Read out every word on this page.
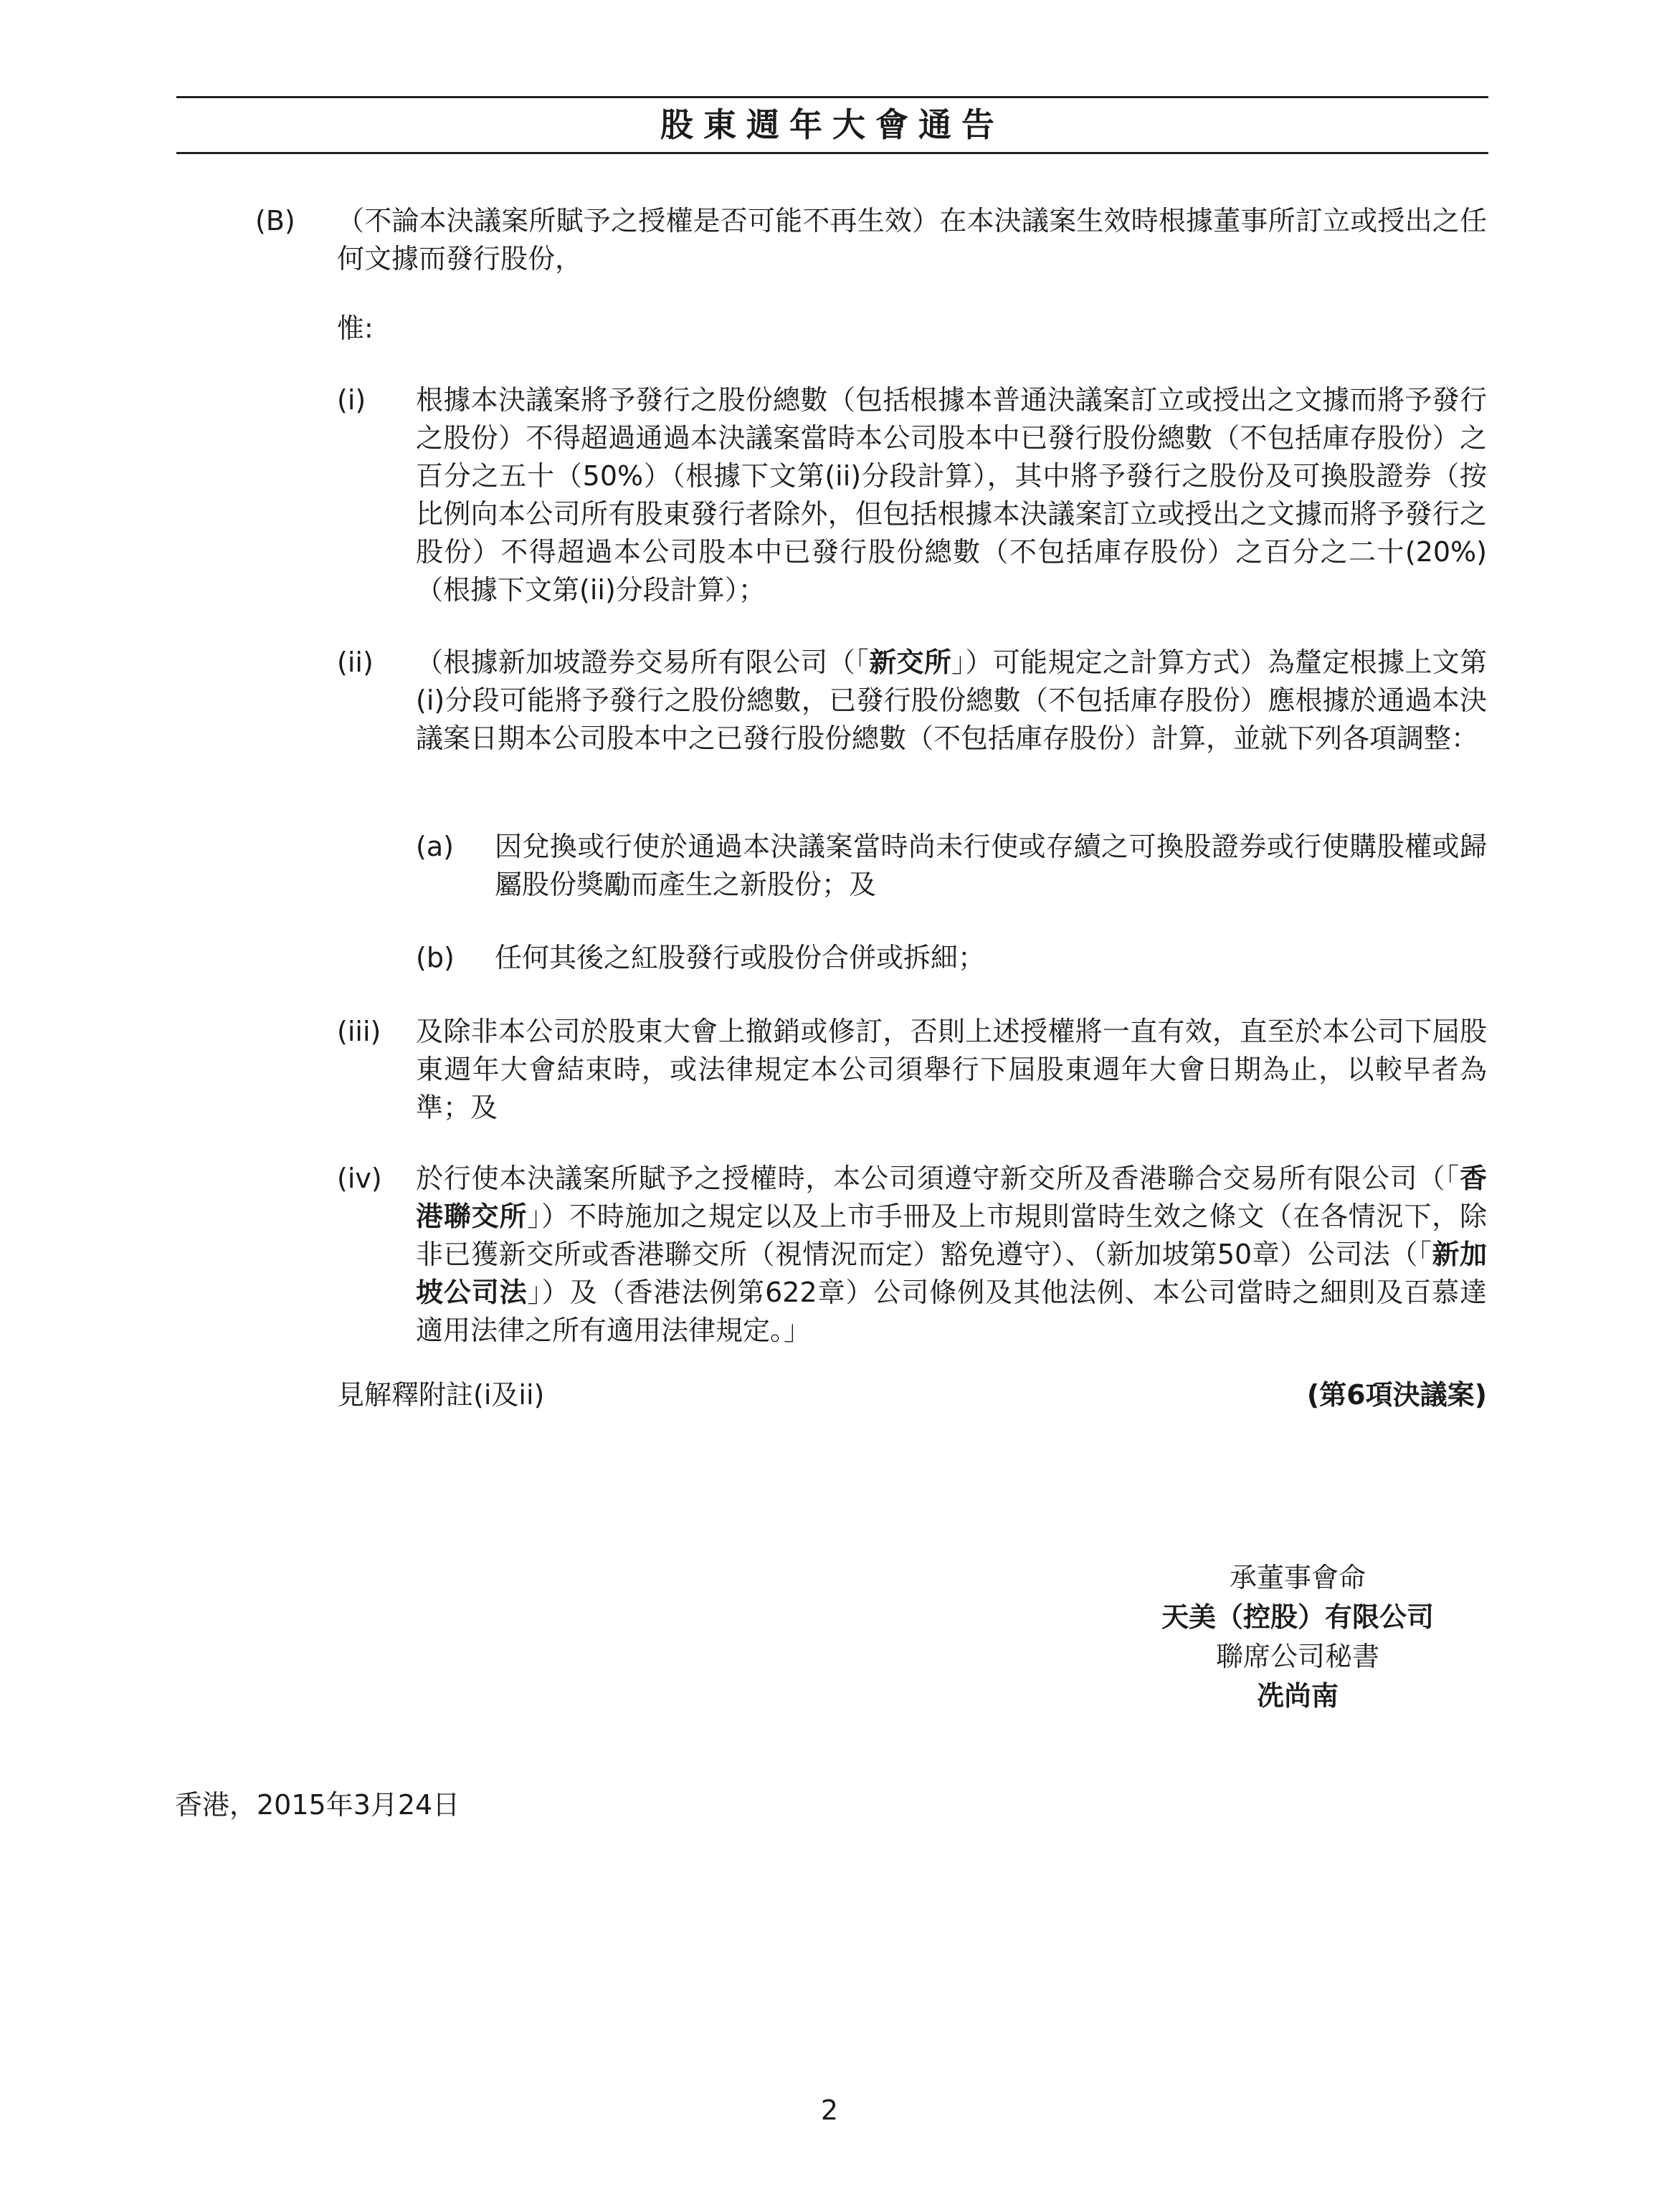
股東週年大會通告
(B) （不論本決議案所賦予之授權是否可能不再生效）在本決議案生效時根據董事所訂立或授出之任何文據而發行股份，
惟:
(i) 根據本決議案將予發行之股份總數（包括根據本普通決議案訂立或授出之文據而將予發行之股份）不得超過通過本決議案當時本公司股本中已發行股份總數（不包括庫存股份）之百分之五十（50%）（根據下文第(ii)分段計算），其中將予發行之股份及可換股證券（按比例向本公司所有股東發行者除外，但包括根據本決議案訂立或授出之文據而將予發行之股份）不得超過本公司股本中已發行股份總數（不包括庫存股份）之百分之二十(20%)（根據下文第(ii)分段計算）；
(ii) （根據新加坡證券交易所有限公司（「新交所」）可能規定之計算方式）為釐定根據上文第(i)分段可能將予發行之股份總數，已發行股份總數（不包括庫存股份）應根據於通過本決議案日期本公司股本中之已發行股份總數（不包括庫存股份）計算，並就下列各項調整：
(a) 因兌換或行使於通過本決議案當時尚未行使或存續之可換股證券或行使購股權或歸屬股份獎勵而產生之新股份；及
(b) 任何其後之紅股發行或股份合併或拆細；
(iii) 及除非本公司於股東大會上撤銷或修訂，否則上述授權將一直有效，直至於本公司下屆股東週年大會結束時，或法律規定本公司須舉行下屆股東週年大會日期為止，以較早者為準；及
(iv) 於行使本決議案所賦予之授權時，本公司須遵守新交所及香港聯合交易所有限公司（「香港聯交所」）不時施加之規定以及上市手冊及上市規則當時生效之條文（在各情況下，除非已獲新交所或香港聯交所（視情況而定）豁免遵守）、（新加坡第50章）公司法（「新加坡公司法」）及（香港法例第622章）公司條例及其他法例、本公司當時之細則及百慕達適用法律之所有適用法律規定。」
見解釋附註(i及ii)	(第6項決議案)
承董事會命
天美（控股）有限公司
聯席公司秘書
冼尚南
香港，2015年3月24日
2
